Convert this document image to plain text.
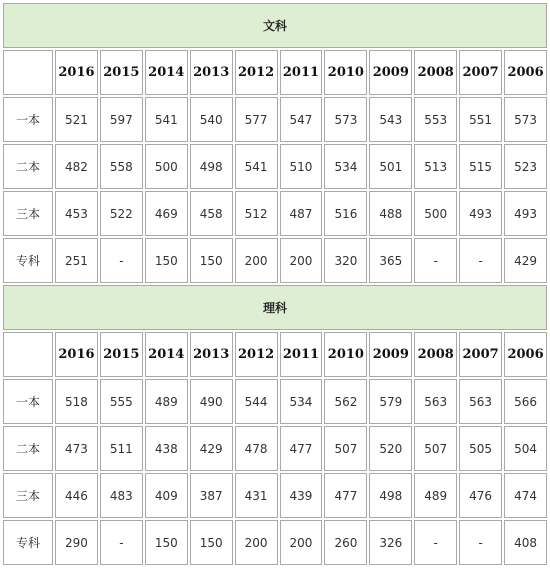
文科											
	2016	2015	2014	2013	2012	2011	2010	2009	2008	2007	2006
一本	521	597	541	540	577	547	573	543	553	551	573
二本	482	558	500	498	541	510	534	501	513	515	523
三本	453	522	469	458	512	487	516	488	500	493	493
专科	251	-	150	150	200	200	320	365	-	-	429
理科											
	2016	2015	2014	2013	2012	2011	2010	2009	2008	2007	2006
一本	518	555	489	490	544	534	562	579	563	563	566
二本	473	511	438	429	478	477	507	520	507	505	504
三本	446	483	409	387	431	439	477	498	489	476	474
专科	290	-	150	150	200	200	260	326	-	-	408
